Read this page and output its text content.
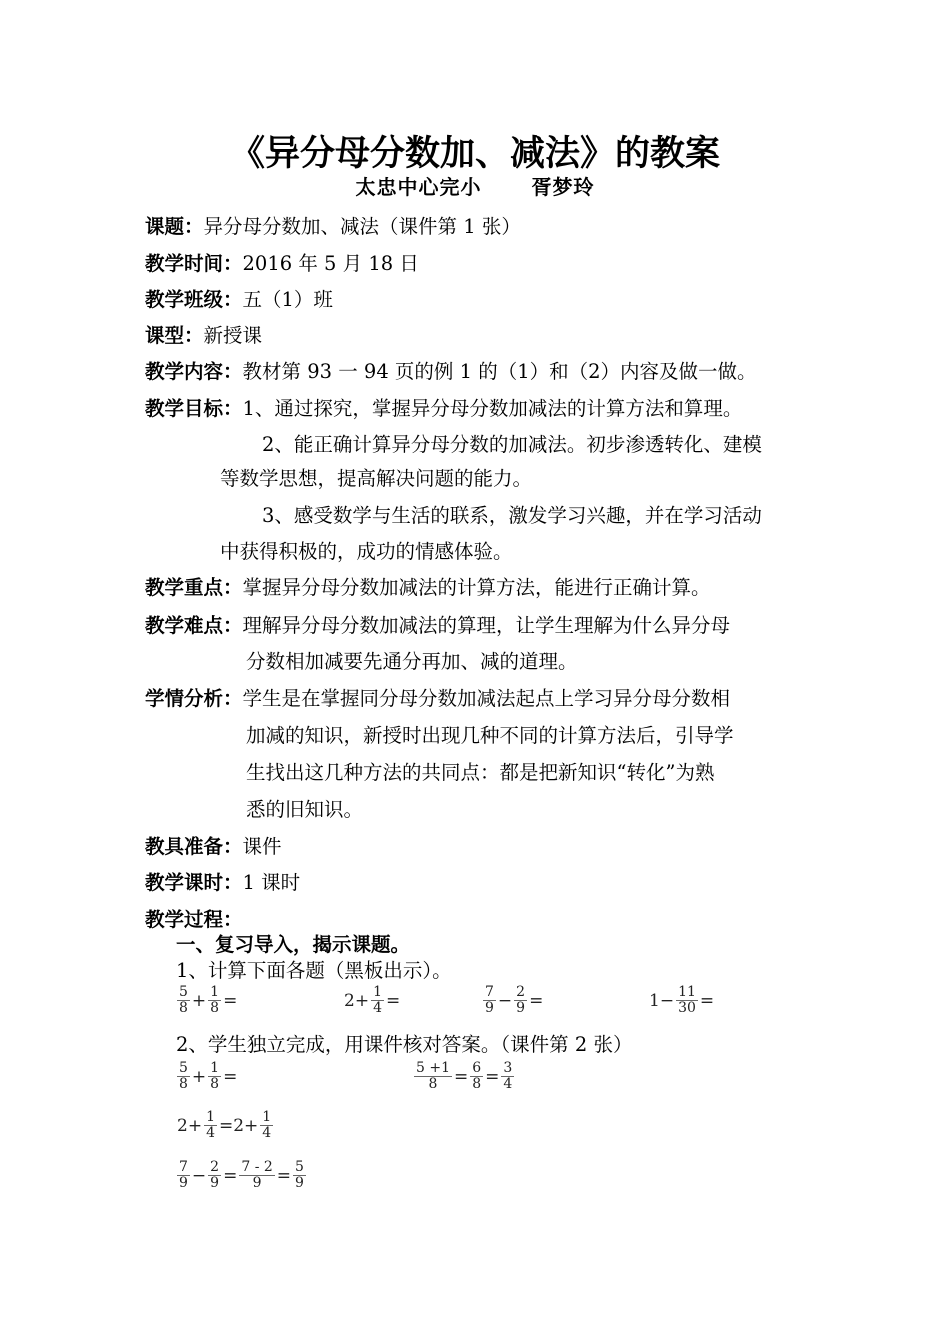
《异分母分数加、减法》的教案
太忠中心完小　　 胥梦玲
课题：异分母分数加、减法（课件第 1 张）
教学时间：2016 年 5 月 18 日
教学班级：五（1）班
课型：新授课
教学内容：教材第 93 一 94 页的例 1 的（1）和（2）内容及做一做。
教学目标：1、通过探究，掌握异分母分数加减法的计算方法和算理。
2、能正确计算异分母分数的加减法。初步渗透转化、建模
等数学思想，提高解决问题的能力。
3、感受数学与生活的联系，激发学习兴趣，并在学习活动
中获得积极的，成功的情感体验。
教学重点：掌握异分母分数加减法的计算方法，能进行正确计算。
教学难点：理解异分母分数加减法的算理，让学生理解为什么异分母
分数相加减要先通分再加、减的道理。
学情分析：学生是在掌握同分母分数加减法起点上学习异分母分数相
加减的知识，新授时出现几种不同的计算方法后，引导学
生找出这几种方法的共同点：都是把新知识“转化”为熟
悉的旧知识。
教具准备：课件
教学课时：1 课时
教学过程：
一、复习导入，揭示课题。
1、计算下面各题（黑板出示）。
$\frac{5}{8} + \frac{1}{8}$ =	$2+ \frac{1}{4}$ =	$\frac{7}{9} - \frac{2}{9}$ =	$1- \frac{11}{30}$ =
2、学生独立完成，用课件核对答案。（课件第 2 张）
$\frac{5}{8} + \frac{1}{8}$ =	$\frac{5 +1}{8} = \frac{6}{8} = \frac{3}{4}$
$2+ \frac{1}{4} =2+ \frac{1}{4}$
$\frac{7}{9} - \frac{2}{9} = \frac{7 - 2}{9} = \frac{5}{9}$
